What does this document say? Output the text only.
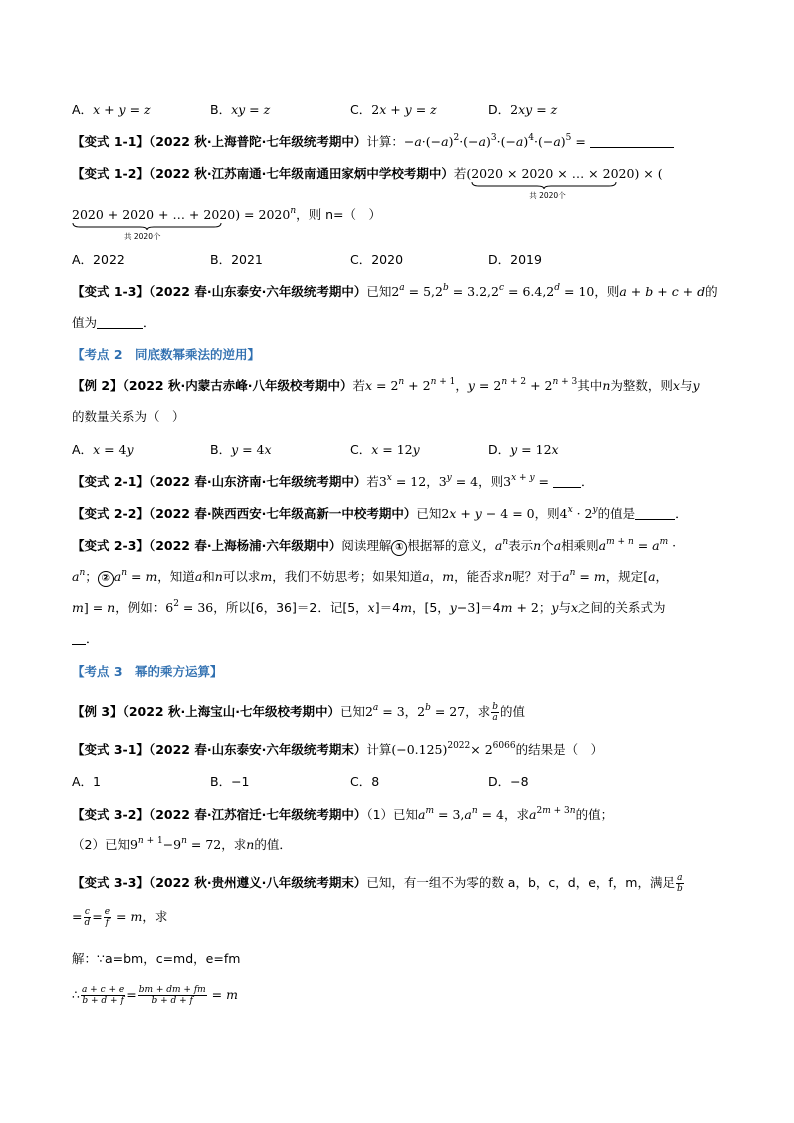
A．x + y = z	B．xy = z	C．2x + y = z	D．2xy = z
【变式 1-1】（2022 秋·上海普陀·七年级统考期中）计算：$-a\cdot(-a)^2\cdot(-a)^3\cdot(-a)^4\cdot(-a)^5$ =
【变式 1-2】（2022 秋·江苏南通·七年级南通田家炳中学校考期中）若(2020 × 2020 × … × 2020
共 2020个
) × (
2020 + 2020 + … + 2020
共 2020个
) = $2020^n$，则 n=（　）
A．2022	B．2021	C．2020	D．2019
【变式 1-3】（2022 春·山东泰安·六年级统考期中）已知$2^a = 5,2^b = 3.2,2^c = 6.4,2^d = 10$，则a + b + c + d的
值为	．
【考点 2　同底数幂乘法的逆用】
【例 2】（2022 秋·内蒙古赤峰·八年级校考期中）若$x = 2^n + 2^{n + 1}$，$y = 2^{n + 2} + 2^{n + 3}$其中n为整数，则x与y
的数量关系为（　）
A．x = 4y	B．y = 4x	C．x = 12y	D．y = 12x
【变式 2-1】（2022 春·山东济南·七年级统考期中）若$3^x = 12$，$3^y = 4$，则$3^{x + y}$ = ．
【变式 2-2】（2022 春·陕西西安·七年级高新一中校考期中）已知2x + y − 4 = 0，则$4^x \cdot 2^y$的值是	．
【变式 2-3】（2022 春·上海杨浦·六年级期中）阅读理解 ① 根据幂的意义，$a^n$表示n个a相乘则$a^{m + n} = a^m$ ·
$a^n$； ② $a^n = m$，知道a和n可以求m，我们不妨思考；如果知道a，m，能否求n呢？对于$a^n = m$，规定[a，
m] = n，例如：$6^2 = 36$，所以[6，36]＝2．记[5，x]＝4m，[5，y−3]＝4m + 2；y与x之间的关系式为
．
【考点 3　幂的乘方运算】
【例 3】（2022 秋·上海宝山·七年级校考期中）已知$2^a = 3$，$2^b = 27$，求 $\frac{b}{a}$ 的值
【变式 3-1】（2022 春·山东泰安·六年级统考期末）计算$(-0.125)^{2022}\times 2^{6066}$的结果是（　）
A．1	B．−1	C．8	D．−8
【变式 3-2】（2022 春·江苏宿迁·七年级统考期中）（1）已知$a^m = 3,a^n = 4$，求$a^{2m + 3n}$的值；
（2）已知$9^{n + 1}-9^n = 72$，求n的值．
【变式 3-3】（2022 秋·贵州遵义·八年级统考期末）已知，有一组不为零的数 a，b，c，d，e，f，m，满足 $\frac{a}{b}$
= $\frac{c}{d} = \frac{e}{f} = m$，求
解：∵a=bm，c=md，e=fm
∴ $\frac{a + c + e}{b + d + f} = \frac{bm + dm + fm}{b + d + f} = m$
